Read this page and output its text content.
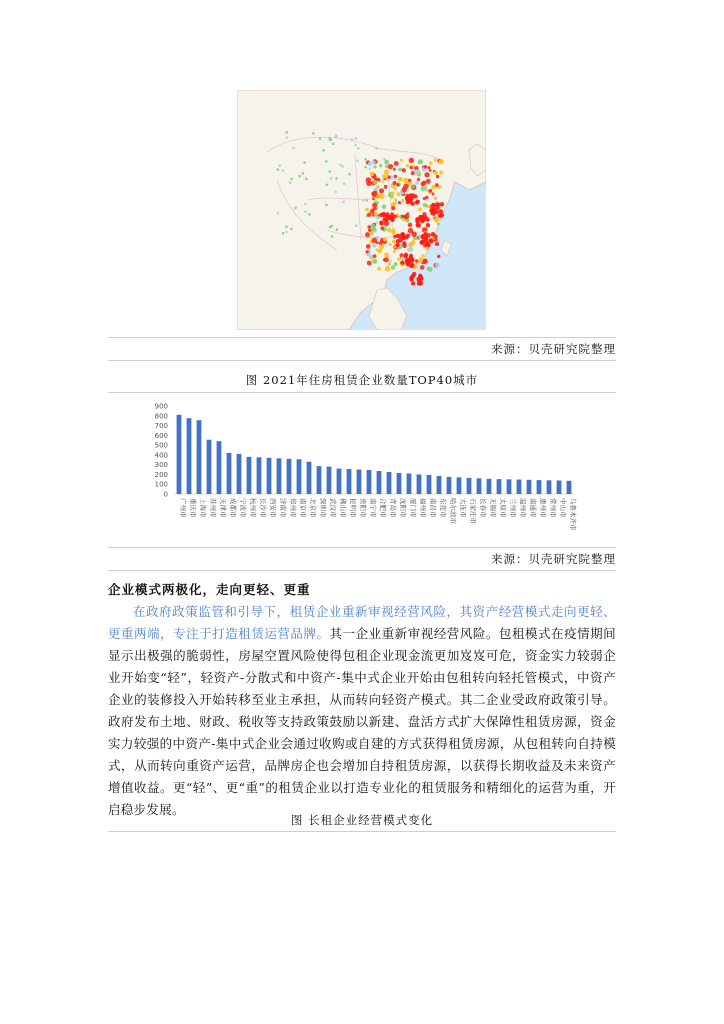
来源：贝壳研究院整理
图 2021年住房租赁企业数量TOP40城市
0
100
200
300
400
500
600
700
800
900
广州市 重庆市 上海市 苏州市 天津市 成都市 宁波市 杭州市 长沙市 西安市 济南市 郑州市 南京市 北京市 深圳市 武汉市 佛山市 昆明市 贵阳市 南宁市 合肥市 青岛市 沈阳市 厦门市 福州市 南昌市 东莞市 哈尔滨市 大连市 石家庄市 长春市 无锡市 太原市 兰州市 温州市 南通市 惠州市 常州市 中山市 乌鲁木齐市
来源：贝壳研究院整理
企业模式两极化，走向更轻、更重
在政府政策监管和引导下，租赁企业重新审视经营风险，其资产经营模式走向更轻、更重两端，专注于打造租赁运营品牌。其一企业重新审视经营风险。包租模式在疫情期间显示出极强的脆弱性，房屋空置风险使得包租企业现金流更加岌岌可危，资金实力较弱企业开始变“轻”，轻资产-分散式和中资产-集中式企业开始由包租转向轻托管模式，中资产企业的装修投入开始转移至业主承担，从而转向轻资产模式。其二企业受政府政策引导。政府发布土地、财政、税收等支持政策鼓励以新建、盘活方式扩大保障性租赁房源，资金实力较强的中资产-集中式企业会通过收购或自建的方式获得租赁房源，从包租转向自持模式，从而转向重资产运营，品牌房企也会增加自持租赁房源，以获得长期收益及未来资产增值收益。更“轻”、更“重”的租赁企业以打造专业化的租赁服务和精细化的运营为重，开启稳步发展。
图 长租企业经营模式变化
